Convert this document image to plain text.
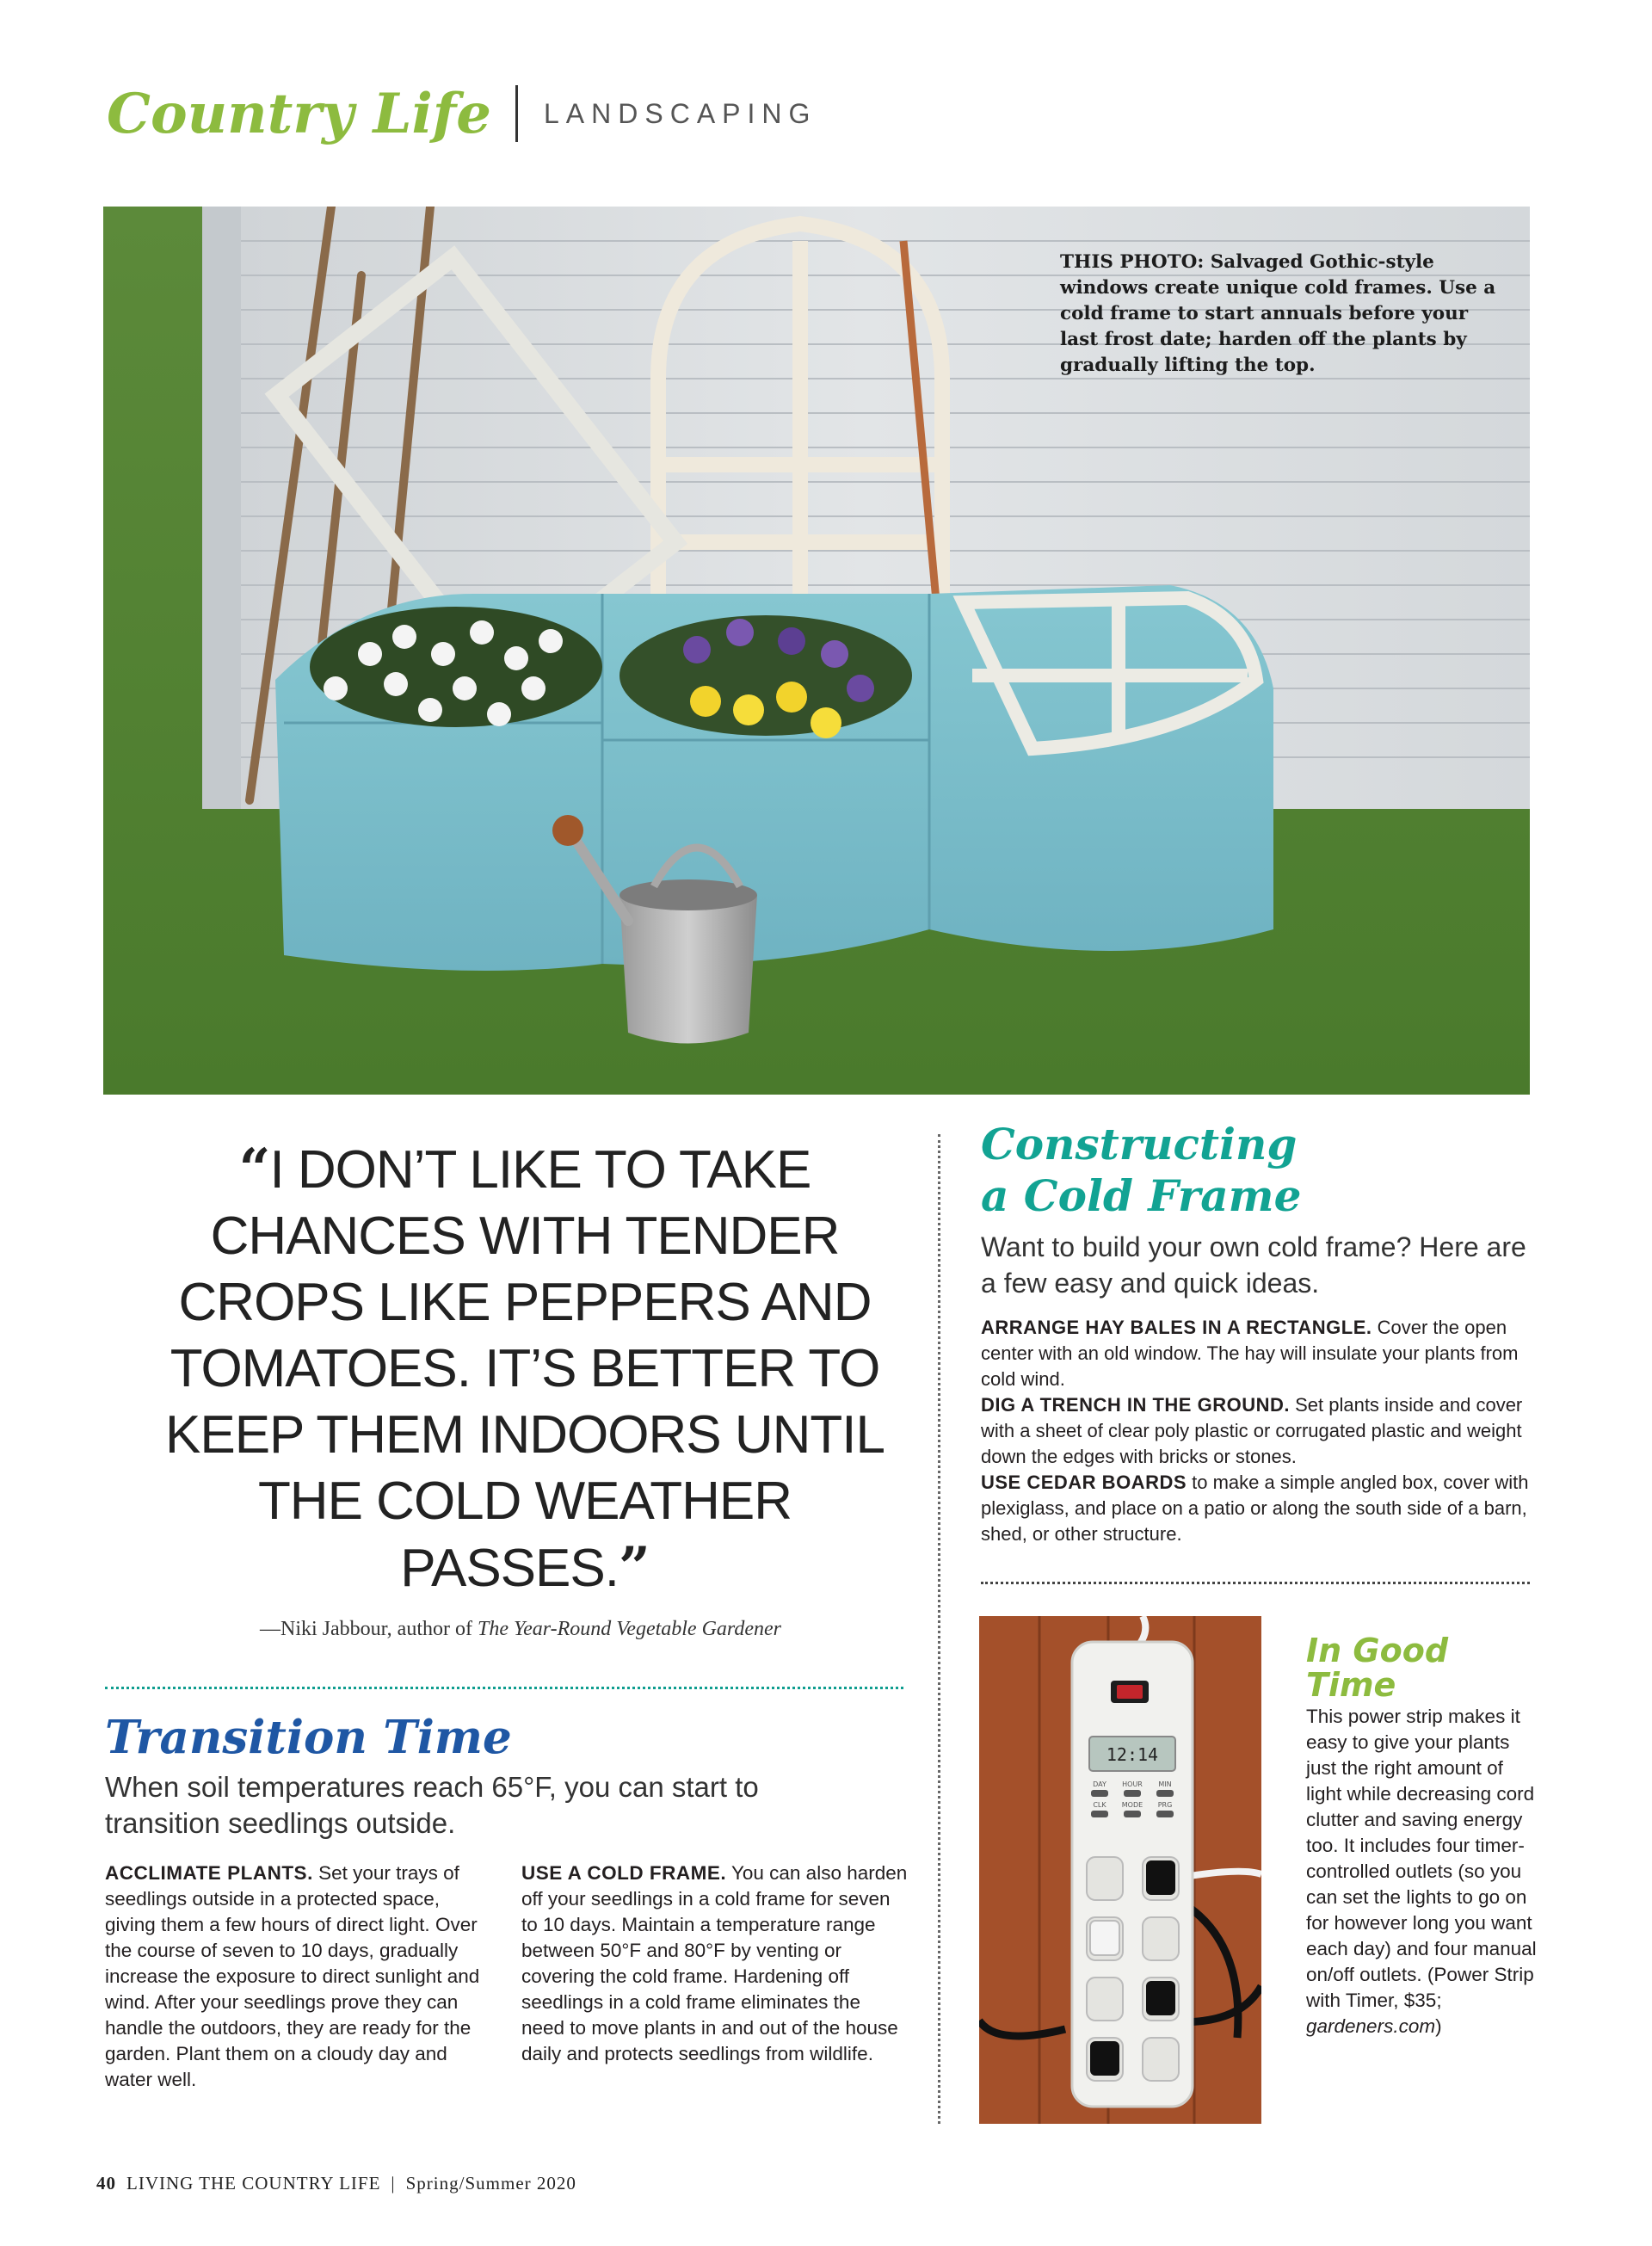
Country Life LANDSCAPING
THIS PHOTO: Salvaged Gothic-style windows create unique cold frames. Use a cold frame to start annuals before your last frost date; harden off the plants by gradually lifting the top.
“I DON’T LIKE TO TAKE CHANCES WITH TENDER CROPS LIKE PEPPERS AND TOMATOES. IT’S BETTER TO KEEP THEM INDOORS UNTIL THE COLD WEATHER PASSES.”
—Niki Jabbour, author of The Year-Round Vegetable Gardener
Transition Time
When soil temperatures reach 65°F, you can start to transition seedlings outside.
ACCLIMATE PLANTS. Set your trays of seedlings outside in a protected space, giving them a few hours of direct light. Over the course of seven to 10 days, gradually increase the exposure to direct sunlight and wind. After your seedlings prove they can handle the outdoors, they are ready for the garden. Plant them on a cloudy day and water well.
USE A COLD FRAME. You can also harden off your seedlings in a cold frame for seven to 10 days. Maintain a temperature range between 50°F and 80°F by venting or covering the cold frame. Hardening off seedlings in a cold frame eliminates the need to move plants in and out of the house daily and protects seedlings from wildlife.
Constructing
a Cold Frame
Want to build your own cold frame? Here are a few easy and quick ideas.

ARRANGE HAY BALES IN A RECTANGLE. Cover the open center with an old window. The hay will insulate your plants from cold wind.

DIG A TRENCH IN THE GROUND. Set plants inside and cover with a sheet of clear poly plastic or corrugated plastic and weight down the edges with bricks or stones.

USE CEDAR BOARDS to make a simple angled box, cover with plexiglass, and place on a patio or along the south side of a barn, shed, or other structure.

12:14
DAY HOUR MIN
CLK MODE PRG
In Good
Time
This power strip makes it easy to give your plants just the right amount of light while decreasing cord clutter and saving energy too. It includes four timer-controlled outlets (so you can set the lights to go on for however long you want each day) and four manual on/off outlets. (Power Strip with Timer, $35; gardeners.com)
40 LIVING THE COUNTRY LIFE | Spring/Summer 2020
